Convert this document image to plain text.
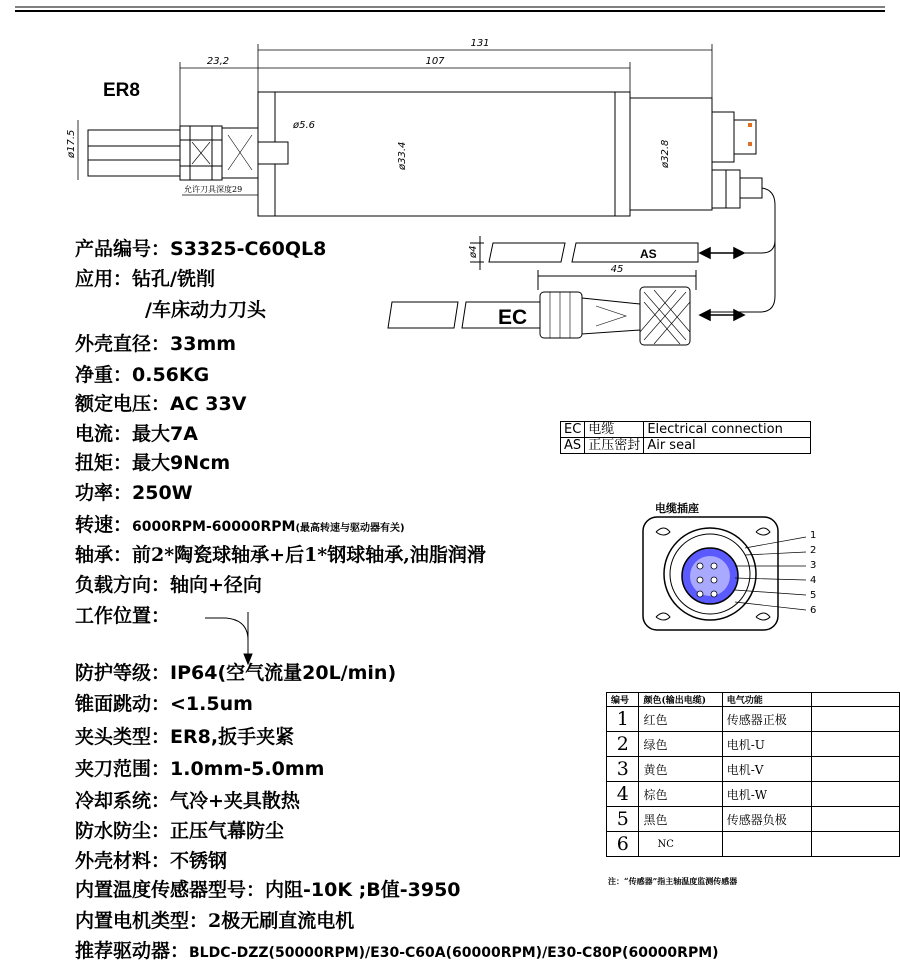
131
107
23,2
ø5.6
ø17.5	ø33.4	ø32.8
ø4
45
允许刀具深度29
ER8
AS
EC
EC	电缆	Electrical connection
AS	正压密封	Air seal
电缆插座
1
2
3
4
5
6
编号	颜色(输出电缆)	电气功能	
1	红色	传感器正极	
2	绿色	电机-U	
3	黄色	电机-V	
4	棕色	电机-W	
5	黑色	传感器负极	
6	NC		
注：“传感器”指主轴温度监测传感器
产品编号：S3325-C60QL8
应用：钻孔/铣削
/车床动力刀头
外壳直径：33mm
净重：0.56KG
额定电压：AC 33V
电流：最大7A
扭矩：最大9Ncm
功率：250W
转速：6000RPM-60000RPM(最高转速与驱动器有关)
轴承：前2*陶瓷球轴承+后1*钢球轴承,油脂润滑
负载方向：轴向+径向
工作位置：
防护等级：IP64(空气流量20L/min)
锥面跳动：<1.5um
夹头类型：ER8,扳手夹紧
夹刀范围：1.0mm-5.0mm
冷却系统：气冷+夹具散热
防水防尘：正压气幕防尘
外壳材料：不锈钢
内置温度传感器型号：内阻-10K ;B值-3950
内置电机类型：2极无刷直流电机
推荐驱动器：BLDC-DZZ(50000RPM)/E30-C60A(60000RPM)/E30-C80P(60000RPM)
